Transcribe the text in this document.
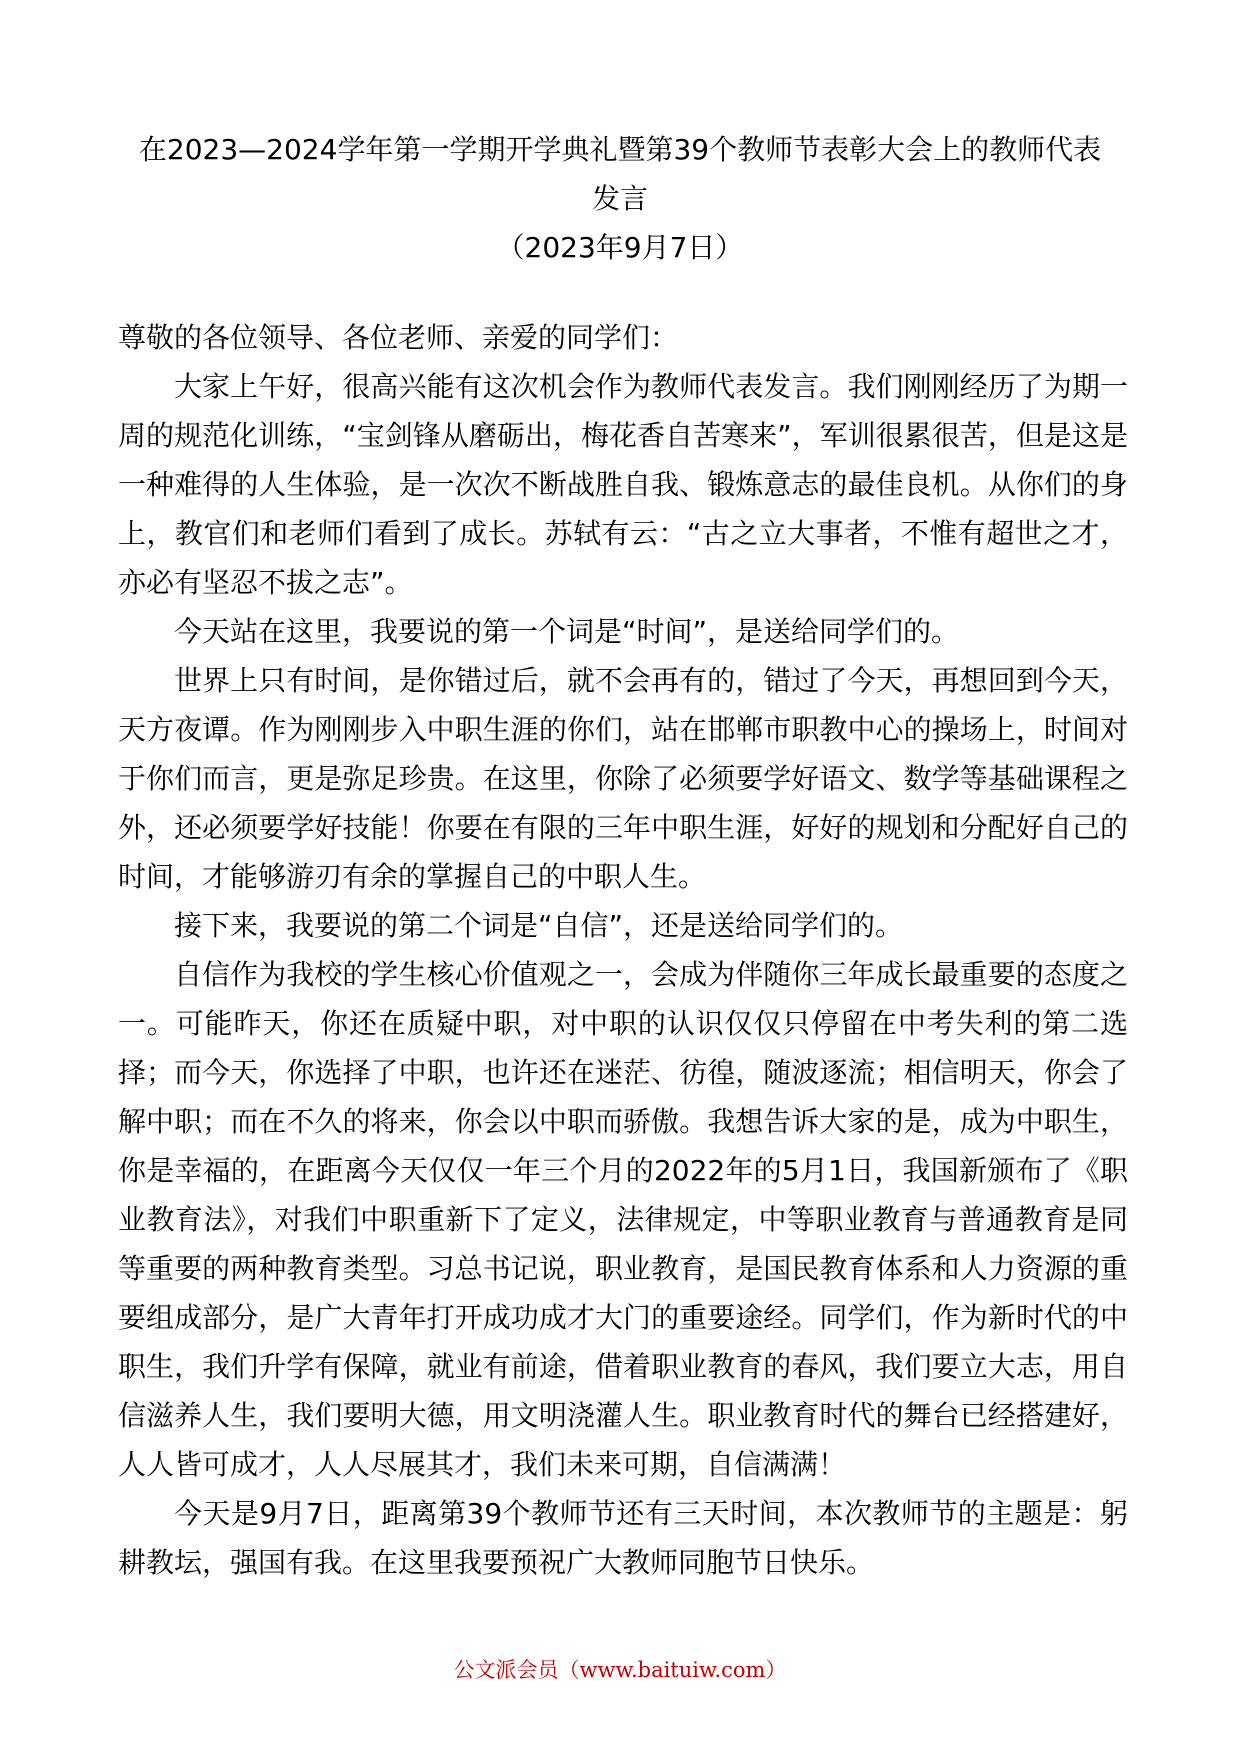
在2023—2024学年第一学期开学典礼暨第39个教师节表彰大会上的教师代表
发言
（2023年9月7日）

尊敬的各位领导、各位老师、亲爱的同学们：

大家上午好，很高兴能有这次机会作为教师代表发言。我们刚刚经历了为期一周的规范化训练，“宝剑锋从磨砺出，梅花香自苦寒来”，军训很累很苦，但是这是一种难得的人生体验，是一次次不断战胜自我、锻炼意志的最佳良机。从你们的身上，教官们和老师们看到了成长。苏轼有云：“古之立大事者，不惟有超世之才，亦必有坚忍不拔之志”。

今天站在这里，我要说的第一个词是“时间”，是送给同学们的。

世界上只有时间，是你错过后，就不会再有的，错过了今天，再想回到今天，天方夜谭。作为刚刚步入中职生涯的你们，站在邯郸市职教中心的操场上，时间对于你们而言，更是弥足珍贵。在这里，你除了必须要学好语文、数学等基础课程之外，还必须要学好技能！你要在有限的三年中职生涯，好好的规划和分配好自己的时间，才能够游刃有余的掌握自己的中职人生。

接下来，我要说的第二个词是“自信”，还是送给同学们的。

自信作为我校的学生核心价值观之一，会成为伴随你三年成长最重要的态度之一。可能昨天，你还在质疑中职，对中职的认识仅仅只停留在中考失利的第二选择；而今天，你选择了中职，也许还在迷茫、彷徨，随波逐流；相信明天，你会了解中职；而在不久的将来，你会以中职而骄傲。我想告诉大家的是，成为中职生，你是幸福的，在距离今天仅仅一年三个月的2022年的5月1日，我国新颁布了《职业教育法》，对我们中职重新下了定义，法律规定，中等职业教育与普通教育是同等重要的两种教育类型。习总书记说，职业教育，是国民教育体系和人力资源的重要组成部分，是广大青年打开成功成才大门的重要途经。同学们，作为新时代的中职生，我们升学有保障，就业有前途，借着职业教育的春风，我们要立大志，用自信滋养人生，我们要明大德，用文明浇灌人生。职业教育时代的舞台已经搭建好，人人皆可成才，人人尽展其才，我们未来可期，自信满满！

今天是9月7日，距离第39个教师节还有三天时间，本次教师节的主题是：躬耕教坛，强国有我。在这里我要预祝广大教师同胞节日快乐。

公文派会员（www.baituiw.com）
